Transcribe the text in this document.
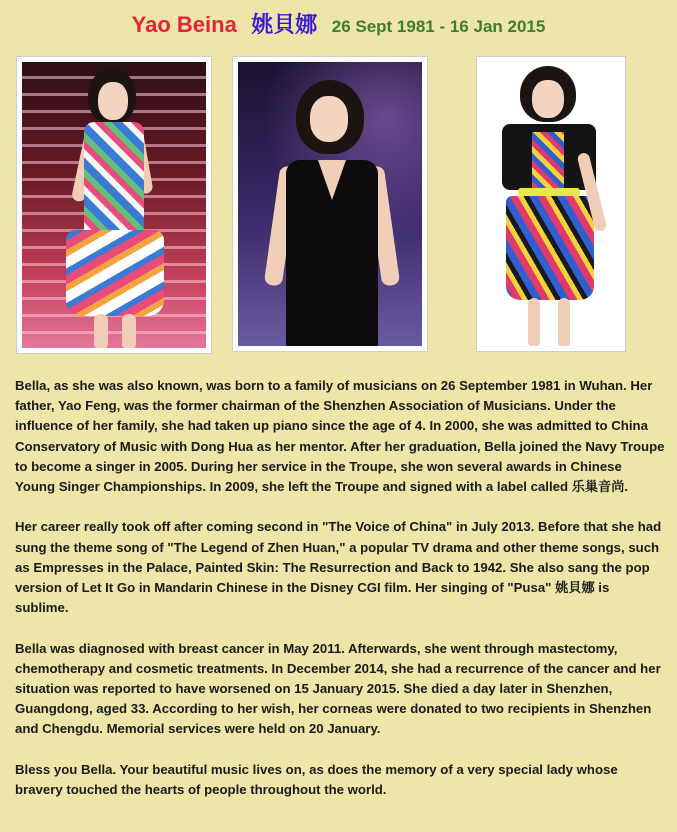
Yao Beina 姚貝娜 26 Sept 1981 - 16 Jan 2015

Bella, as she was also known, was born to a family of musicians on 26 September 1981 in Wuhan. Her father, Yao Feng, was the former chairman of the Shenzhen Association of Musicians. Under the influence of her family, she had taken up piano since the age of 4. In 2000, she was admitted to China Conservatory of Music with Dong Hua as her mentor. After her graduation, Bella joined the Navy Troupe to become a singer in 2005. During her service in the Troupe, she won several awards in Chinese Young Singer Championships. In 2009, she left the Troupe and signed with a label called 乐巢音尚.

Her career really took off after coming second in "The Voice of China" in July 2013. Before that she had sung the theme song of "The Legend of Zhen Huan," a popular TV drama and other theme songs, such as Empresses in the Palace, Painted Skin: The Resurrection and Back to 1942. She also sang the pop version of Let It Go in Mandarin Chinese in the Disney CGI film. Her singing of "Pusa" 姚貝娜 is sublime.

Bella was diagnosed with breast cancer in May 2011. Afterwards, she went through mastectomy, chemotherapy and cosmetic treatments. In December 2014, she had a recurrence of the cancer and her situation was reported to have worsened on 15 January 2015. She died a day later in Shenzhen, Guangdong, aged 33. According to her wish, her corneas were donated to two recipients in Shenzhen and Chengdu. Memorial services were held on 20 January.

Bless you Bella. Your beautiful music lives on, as does the memory of a very special lady whose bravery touched the hearts of people throughout the world.
